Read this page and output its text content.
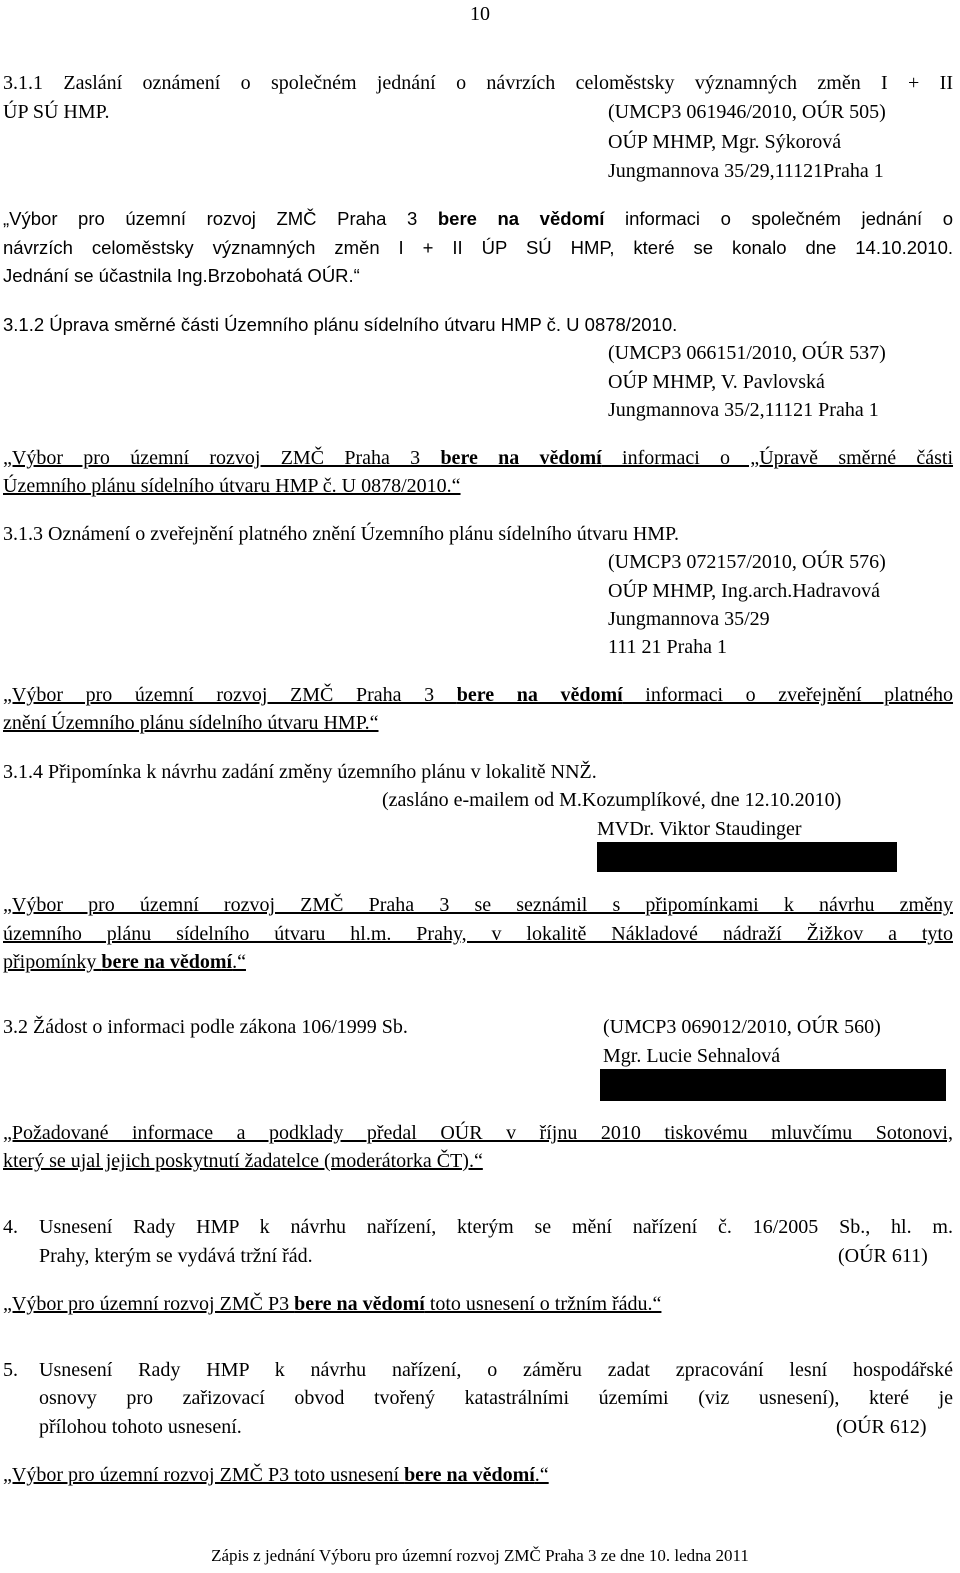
10
3.1.1 Zaslání oznámení o společném jednání o návrzích celoměstsky významných změn I + II
ÚP SÚ HMP.	(UMCP3 061946/2010, OÚR 505)
OÚP MHMP, Mgr. Sýkorová
Jungmannova 35/29,11121Praha 1
„Výbor pro územní rozvoj ZMČ Praha 3 bere na vědomí informaci o společném jednání o
návrzích celoměstsky významných změn I + II ÚP SÚ HMP, které se konalo dne 14.10.2010.
Jednání se účastnila Ing.Brzobohatá OÚR.“
3.1.2 Úprava směrné části Územního plánu sídelního útvaru HMP č. U 0878/2010.
(UMCP3 066151/2010, OÚR 537)
OÚP MHMP, V. Pavlovská
Jungmannova 35/2,11121 Praha 1
„Výbor pro územní rozvoj ZMČ Praha 3 bere na vědomí informaci o „Úpravě směrné části
Územního plánu sídelního útvaru HMP č. U 0878/2010.“
3.1.3 Oznámení o zveřejnění platného znění Územního plánu sídelního útvaru HMP.
(UMCP3 072157/2010, OÚR 576)
OÚP MHMP, Ing.arch.Hadravová
Jungmannova 35/29
111 21 Praha 1
„Výbor pro územní rozvoj ZMČ Praha 3 bere na vědomí informaci o zveřejnění platného
znění Územního plánu sídelního útvaru HMP.“
3.1.4 Připomínka k návrhu zadání změny územního plánu v lokalitě NNŽ.
(zasláno e-mailem od M.Kozumplíkové, dne 12.10.2010)
MVDr. Viktor Staudinger
„Výbor pro územní rozvoj ZMČ Praha 3 se seznámil s připomínkami k návrhu změny
územního plánu sídelního útvaru hl.m. Prahy, v lokalitě Nákladové nádraží Žižkov a tyto
připomínky bere na vědomí.“
3.2 Žádost o informaci podle zákona 106/1999 Sb.	(UMCP3 069012/2010, OÚR 560)
Mgr. Lucie Sehnalová
„Požadované informace a podklady předal OÚR v říjnu 2010 tiskovému mluvčímu Sotonovi,
který se ujal jejich poskytnutí žadatelce (moderátorka ČT).“
4. Usnesení Rady HMP k návrhu nařízení, kterým se mění nařízení č. 16/2005 Sb., hl. m.
Prahy, kterým se vydává tržní řád.	(OÚR 611)
„Výbor pro územní rozvoj ZMČ P3 bere na vědomí toto usnesení o tržním řádu.“
5. Usnesení Rady HMP k návrhu nařízení, o záměru zadat zpracování lesní hospodářské
osnovy pro zařizovací obvod tvořený katastrálními územími (viz usnesení), které je
přílohou tohoto usnesení.	(OÚR 612)
„Výbor pro územní rozvoj ZMČ P3 toto usnesení bere na vědomí.“
Zápis z jednání Výboru pro územní rozvoj ZMČ Praha 3 ze dne 10. ledna 2011
